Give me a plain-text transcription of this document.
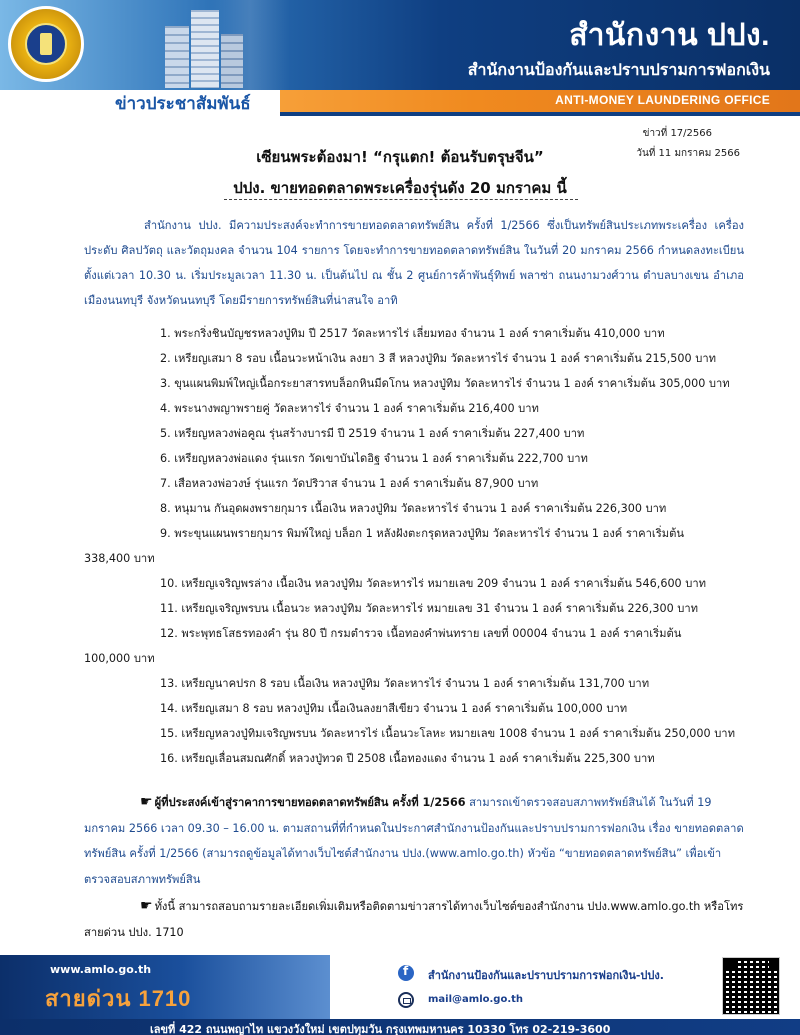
สำนักงาน ปปง.
สำนักงานป้องกันและปราบปรามการฟอกเงิน
ANTI-MONEY LAUNDERING OFFICE
ข่าวประชาสัมพันธ์
ข่าวที่ 17/2566
วันที่ 11 มกราคม 2566
เซียนพระต้องมา! “กรุแตก! ต้อนรับตรุษจีน”
ปปง. ขายทอดตลาดพระเครื่องรุ่นดัง 20 มกราคม นี้
สำนักงาน ปปง. มีความประสงค์จะทำการขายทอดตลาดทรัพย์สิน ครั้งที่ 1/2566 ซึ่งเป็นทรัพย์สินประเภทพระเครื่อง เครื่องประดับ ศิลปวัตถุ และวัตถุมงคล จำนวน 104 รายการ โดยจะทำการขายทอดตลาดทรัพย์สิน ในวันที่ 20 มกราคม 2566 กำหนดลงทะเบียนตั้งแต่เวลา 10.30 น. เริ่มประมูลเวลา 11.30 น. เป็นต้นไป ณ ชั้น 2 ศูนย์การค้าพันธุ์ทิพย์ พลาซ่า ถนนงามวงศ์วาน ตำบลบางเขน อำเภอเมืองนนทบุรี จังหวัดนนทบุรี โดยมีรายการทรัพย์สินที่น่าสนใจ อาทิ
1. พระกริ่งชินบัญชรหลวงปู่ทิม ปี 2517 วัดละหารไร่ เลี่ยมทอง จำนวน 1 องค์ ราคาเริ่มต้น 410,000 บาท
2. เหรียญเสมา 8 รอบ เนื้อนวะหน้าเงิน ลงยา 3 สี หลวงปู่ทิม วัดละหารไร่ จำนวน 1 องค์ ราคาเริ่มต้น 215,500 บาท
3. ขุนแผนพิมพ์ใหญ่เนื้อกระยาสารทบล็อกหินมีดโกน หลวงปู่ทิม วัดละหารไร่ จำนวน 1 องค์ ราคาเริ่มต้น 305,000 บาท
4. พระนางพญาพรายคู่ วัดละหารไร่ จำนวน 1 องค์ ราคาเริ่มต้น 216,400 บาท
5. เหรียญหลวงพ่อคูณ รุ่นสร้างบารมี ปี 2519 จำนวน 1 องค์ ราคาเริ่มต้น 227,400 บาท
6. เหรียญหลวงพ่อแดง รุ่นแรก วัดเขาบันไดอิฐ จำนวน 1 องค์ ราคาเริ่มต้น 222,700 บาท
7. เสือหลวงพ่อวงษ์ รุ่นแรก วัดปริวาส จำนวน 1 องค์ ราคาเริ่มต้น 87,900 บาท
8. หนุมาน กันอุดผงพรายกุมาร เนื้อเงิน หลวงปู่ทิม วัดละหารไร่ จำนวน 1 องค์ ราคาเริ่มต้น 226,300 บาท
9. พระขุนแผนพรายกุมาร พิมพ์ใหญ่ บล็อก 1 หลังฝังตะกรุดหลวงปู่ทิม วัดละหารไร่ จำนวน 1 องค์ ราคาเริ่มต้น
338,400 บาท
10. เหรียญเจริญพรล่าง เนื้อเงิน หลวงปู่ทิม วัดละหารไร่ หมายเลข 209 จำนวน 1 องค์ ราคาเริ่มต้น 546,600 บาท
11. เหรียญเจริญพรบน เนื้อนวะ หลวงปู่ทิม วัดละหารไร่ หมายเลข 31 จำนวน 1 องค์ ราคาเริ่มต้น 226,300 บาท
12. พระพุทธโสธรทองคำ รุ่น 80 ปี กรมตำรวจ เนื้อทองคำพ่นทราย เลขที่ 00004 จำนวน 1 องค์ ราคาเริ่มต้น
100,000 บาท
13. เหรียญนาคปรก 8 รอบ เนื้อเงิน หลวงปู่ทิม วัดละหารไร่ จำนวน 1 องค์ ราคาเริ่มต้น 131,700 บาท
14. เหรียญเสมา 8 รอบ หลวงปู่ทิม เนื้อเงินลงยาสีเขียว จำนวน 1 องค์ ราคาเริ่มต้น 100,000 บาท
15. เหรียญหลวงปู่ทิมเจริญพรบน วัดละหารไร่ เนื้อนวะโลหะ หมายเลข 1008 จำนวน 1 องค์ ราคาเริ่มต้น 250,000 บาท
16. เหรียญเลื่อนสมณศักดิ์ หลวงปู่ทวด ปี 2508 เนื้อทองแดง จำนวน 1 องค์ ราคาเริ่มต้น 225,300 บาท
☛ ผู้ที่ประสงค์เข้าสู่ราคาการขายทอดตลาดทรัพย์สิน ครั้งที่ 1/2566 สามารถเข้าตรวจสอบสภาพทรัพย์สินได้ ในวันที่ 19 มกราคม 2566 เวลา 09.30 – 16.00 น. ตามสถานที่ที่กำหนดในประกาศสำนักงานป้องกันและปราบปรามการฟอกเงิน เรื่อง ขายทอดตลาดทรัพย์สิน ครั้งที่ 1/2566 (สามารถดูข้อมูลได้ทางเว็บไซต์สำนักงาน ปปง.(www.amlo.go.th) หัวข้อ “ขายทอดตลาดทรัพย์สิน” เพื่อเข้าตรวจสอบสภาพทรัพย์สิน
☛ ทั้งนี้ สามารถสอบถามรายละเอียดเพิ่มเติมหรือติดตามข่าวสารได้ทางเว็บไซต์ของสำนักงาน ปปง.www.amlo.go.th หรือโทรสายด่วน ปปง. 1710
www.amlo.go.th
สายด่วน 1710
f
สำนักงานป้องกันและปราบปรามการฟอกเงิน-ปปง.
mail@amlo.go.th
เลขที่ 422 ถนนพญาไท แขวงวังใหม่ เขตปทุมวัน กรุงเทพมหานคร 10330 โทร 02-219-3600
